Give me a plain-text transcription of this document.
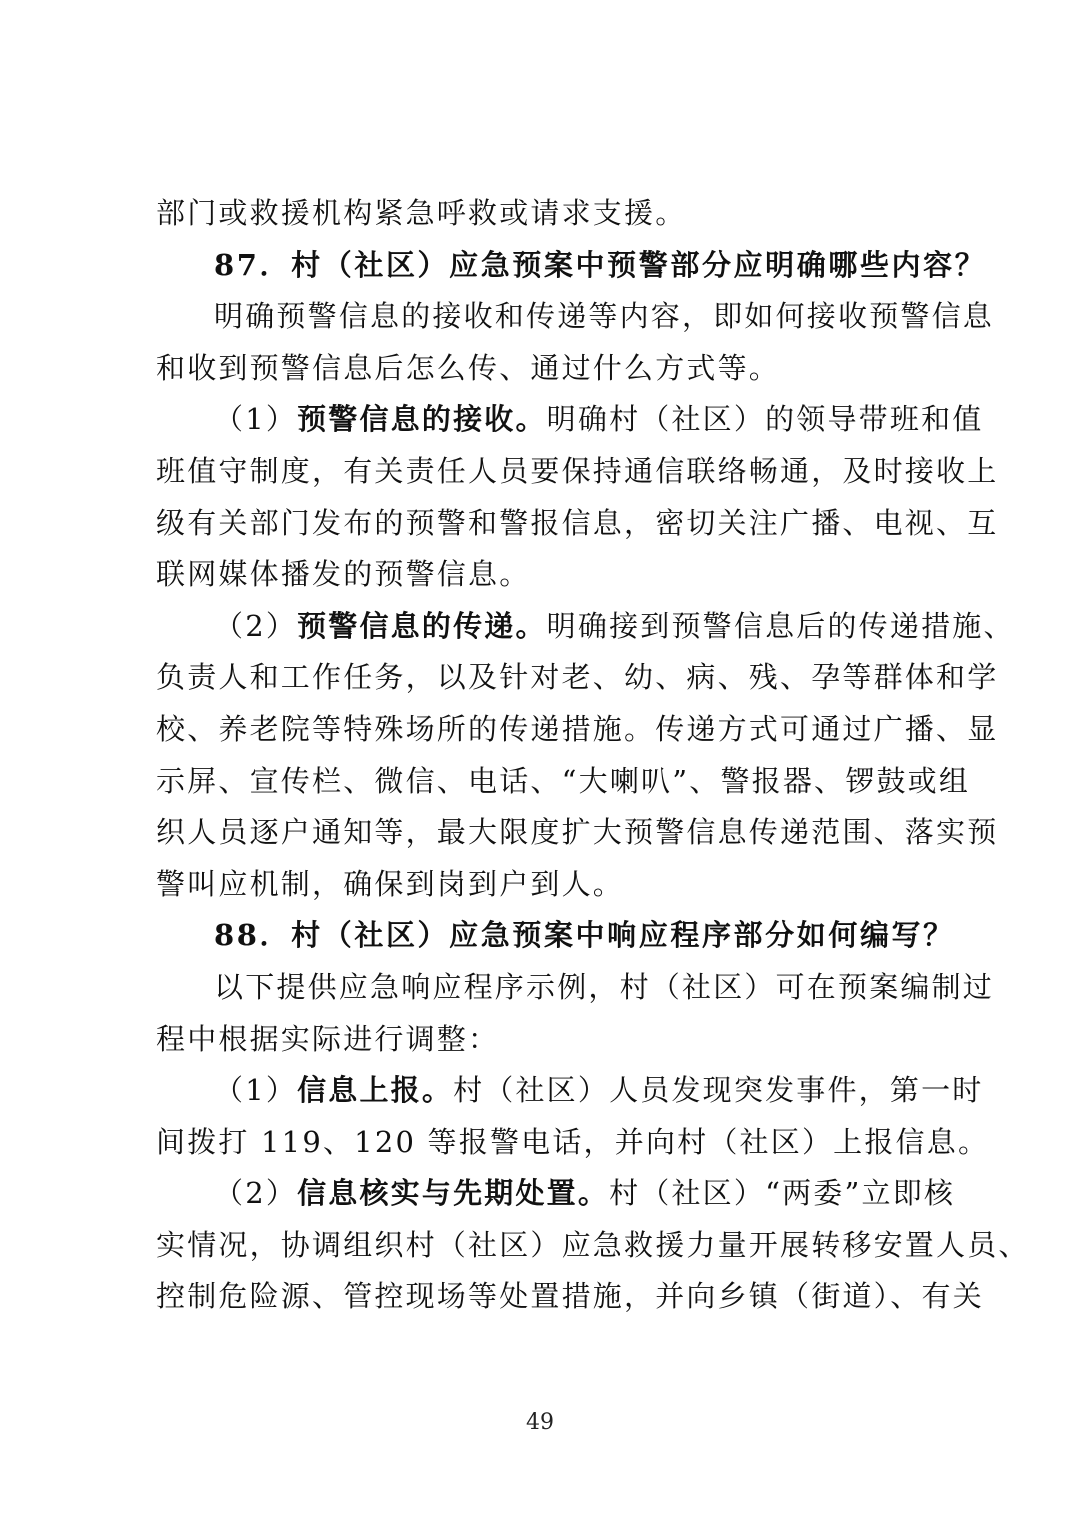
部门或救援机构紧急呼救或请求支援。
87．村（社区）应急预案中预警部分应明确哪些内容？
明确预警信息的接收和传递等内容，即如何接收预警信息
和收到预警信息后怎么传、通过什么方式等。
（1）预警信息的接收。明确村（社区）的领导带班和值
班值守制度，有关责任人员要保持通信联络畅通，及时接收上
级有关部门发布的预警和警报信息，密切关注广播、电视、互
联网媒体播发的预警信息。
（2）预警信息的传递。明确接到预警信息后的传递措施、
负责人和工作任务，以及针对老、幼、病、残、孕等群体和学
校、养老院等特殊场所的传递措施。传递方式可通过广播、显
示屏、宣传栏、微信、电话、“大喇叭”、警报器、锣鼓或组
织人员逐户通知等，最大限度扩大预警信息传递范围、落实预
警叫应机制，确保到岗到户到人。
88．村（社区）应急预案中响应程序部分如何编写？
以下提供应急响应程序示例，村（社区）可在预案编制过
程中根据实际进行调整：
（1）信息上报。村（社区）人员发现突发事件，第一时
间拨打 119、120 等报警电话，并向村（社区）上报信息。
（2）信息核实与先期处置。村（社区）“两委”立即核
实情况，协调组织村（社区）应急救援力量开展转移安置人员、
控制危险源、管控现场等处置措施，并向乡镇（街道）、有关
49
